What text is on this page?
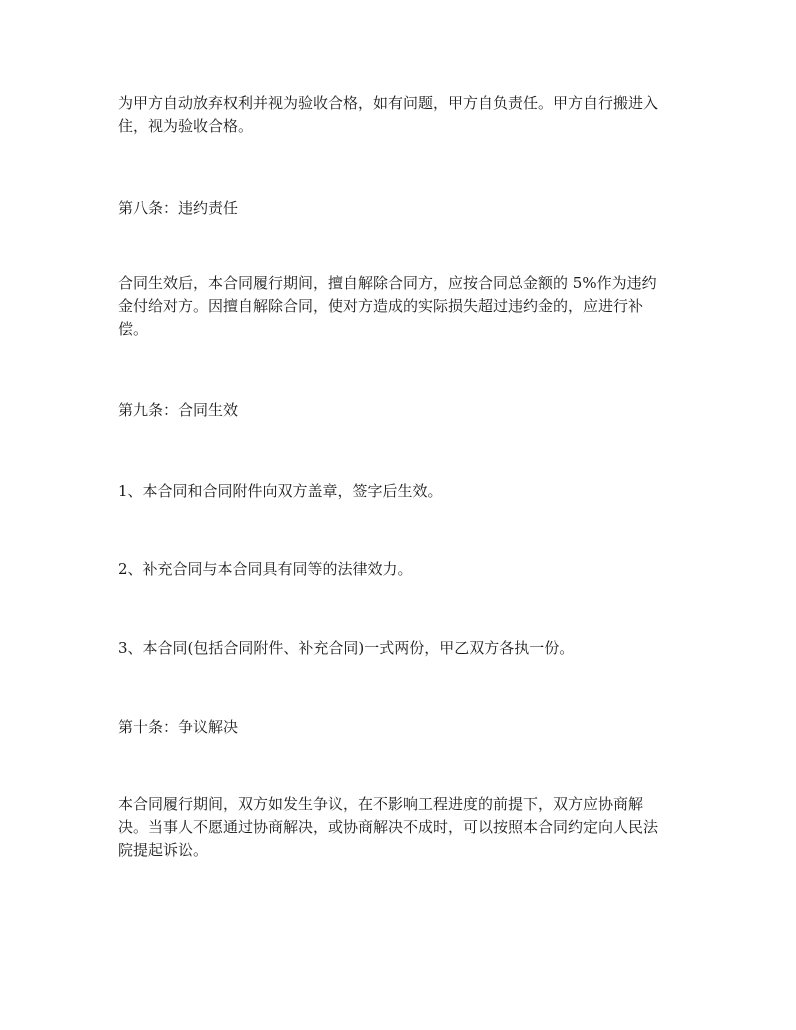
为甲方自动放弃权利并视为验收合格，如有问题，甲方自负责任。甲方自行搬进入
住，视为验收合格。

第八条：违约责任

合同生效后，本合同履行期间，擅自解除合同方，应按合同总金额的 5%作为违约
金付给对方。因擅自解除合同，使对方造成的实际损失超过违约金的，应进行补
偿。

第九条：合同生效

1、本合同和合同附件向双方盖章，签字后生效。

2、补充合同与本合同具有同等的法律效力。

3、本合同(包括合同附件、补充合同)一式两份，甲乙双方各执一份。

第十条：争议解决

本合同履行期间，双方如发生争议，在不影响工程进度的前提下，双方应协商解
决。当事人不愿通过协商解决，或协商解决不成时，可以按照本合同约定向人民法
院提起诉讼。
